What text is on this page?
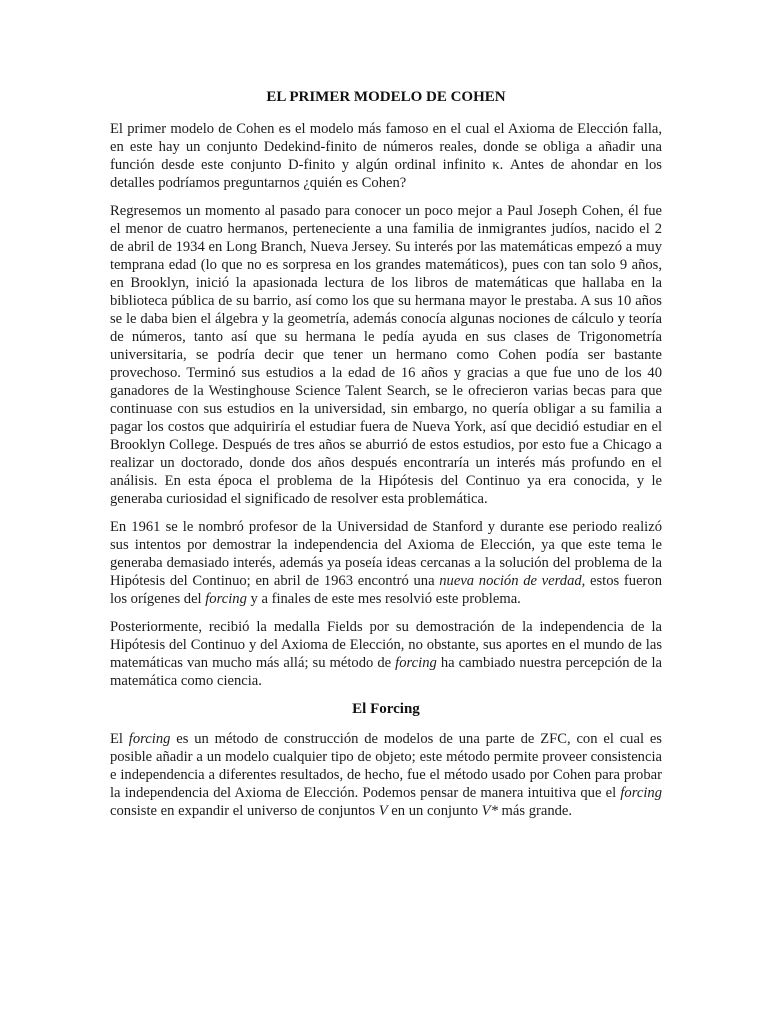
EL PRIMER MODELO DE COHEN

El primer modelo de Cohen es el modelo más famoso en el cual el Axioma de Elección falla, en este hay un conjunto Dedekind-finito de números reales, donde se obliga a añadir una función desde este conjunto D-finito y algún ordinal infinito κ. Antes de ahondar en los detalles podríamos preguntarnos ¿quién es Cohen?

Regresemos un momento al pasado para conocer un poco mejor a Paul Joseph Cohen, él fue el menor de cuatro hermanos, perteneciente a una familia de inmigrantes judíos, nacido el 2 de abril de 1934 en Long Branch, Nueva Jersey. Su interés por las matemáticas empezó a muy temprana edad (lo que no es sorpresa en los grandes matemáticos), pues con tan solo 9 años, en Brooklyn, inició la apasionada lectura de los libros de matemáticas que hallaba en la biblioteca pública de su barrio, así como los que su hermana mayor le prestaba. A sus 10 años se le daba bien el álgebra y la geometría, además conocía algunas nociones de cálculo y teoría de números, tanto así que su hermana le pedía ayuda en sus clases de Trigonometría universitaria, se podría decir que tener un hermano como Cohen podía ser bastante provechoso. Terminó sus estudios a la edad de 16 años y gracias a que fue uno de los 40 ganadores de la Westinghouse Science Talent Search, se le ofrecieron varias becas para que continuase con sus estudios en la universidad, sin embargo, no quería obligar a su familia a pagar los costos que adquiriría el estudiar fuera de Nueva York, así que decidió estudiar en el Brooklyn College. Después de tres años se aburrió de estos estudios, por esto fue a Chicago a realizar un doctorado, donde dos años después encontraría un interés más profundo en el análisis. En esta época el problema de la Hipótesis del Continuo ya era conocida, y le generaba curiosidad el significado de resolver esta problemática.

En 1961 se le nombró profesor de la Universidad de Stanford y durante ese periodo realizó sus intentos por demostrar la independencia del Axioma de Elección, ya que este tema le generaba demasiado interés, además ya poseía ideas cercanas a la solución del problema de la Hipótesis del Continuo; en abril de 1963 encontró una nueva noción de verdad, estos fueron los orígenes del forcing y a finales de este mes resolvió este problema.

Posteriormente, recibió la medalla Fields por su demostración de la independencia de la Hipótesis del Continuo y del Axioma de Elección, no obstante, sus aportes en el mundo de las matemáticas van mucho más allá; su método de forcing ha cambiado nuestra percepción de la matemática como ciencia.

El Forcing

El forcing es un método de construcción de modelos de una parte de ZFC, con el cual es posible añadir a un modelo cualquier tipo de objeto; este método permite proveer consistencia e independencia a diferentes resultados, de hecho, fue el método usado por Cohen para probar la independencia del Axioma de Elección. Podemos pensar de manera intuitiva que el forcing consiste en expandir el universo de conjuntos V en un conjunto V* más grande.
